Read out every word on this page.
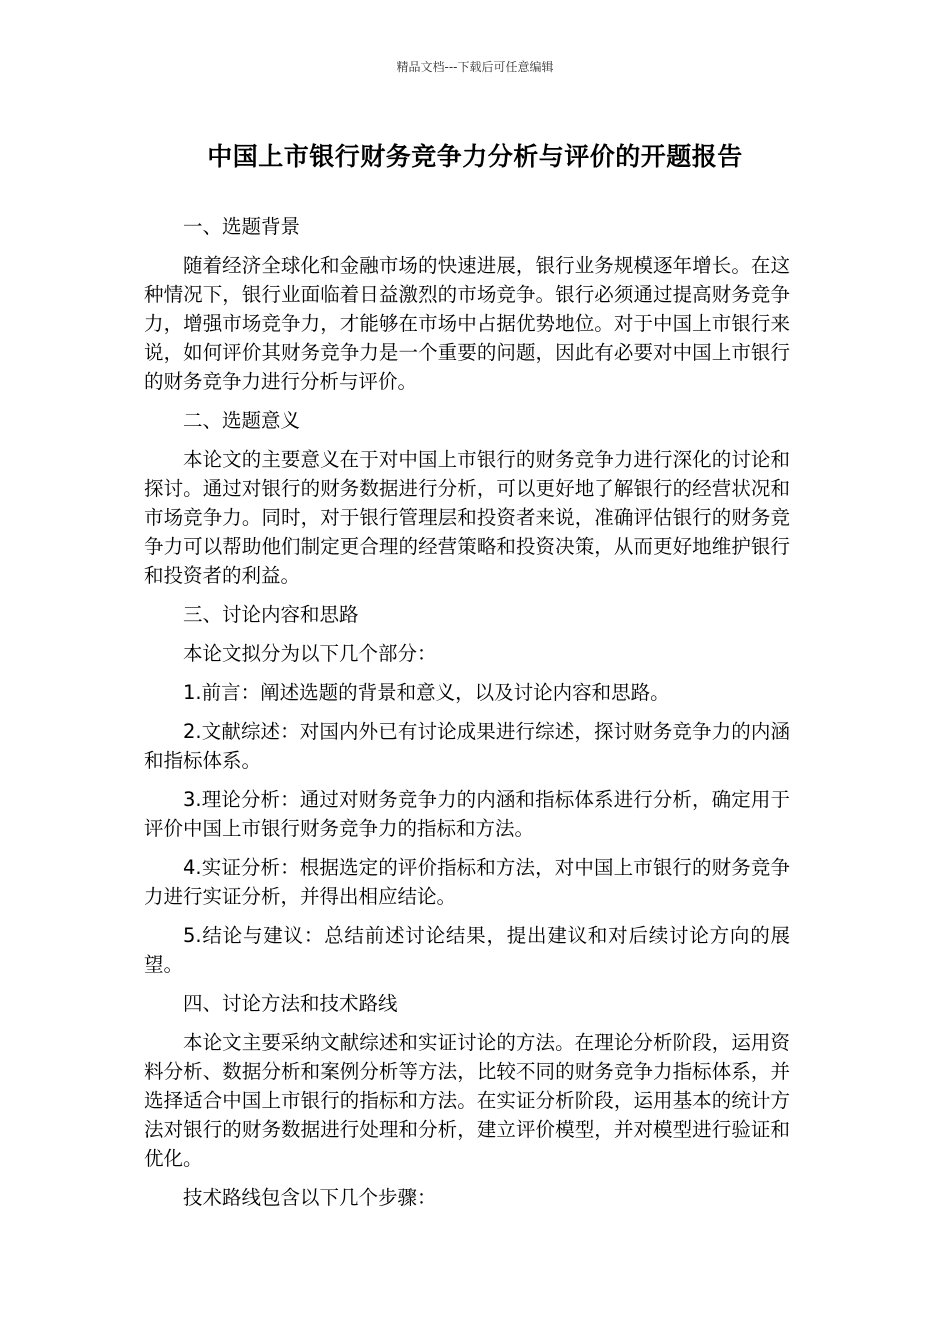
精品文档---下载后可任意编辑
中国上市银行财务竞争力分析与评价的开题报告

一、选题背景

随着经济全球化和金融市场的快速进展，银行业务规模逐年增长。在这种情况下，银行业面临着日益激烈的市场竞争。银行必须通过提高财务竞争力，增强市场竞争力，才能够在市场中占据优势地位。对于中国上市银行来说，如何评价其财务竞争力是一个重要的问题，因此有必要对中国上市银行的财务竞争力进行分析与评价。

二、选题意义

本论文的主要意义在于对中国上市银行的财务竞争力进行深化的讨论和探讨。通过对银行的财务数据进行分析，可以更好地了解银行的经营状况和市场竞争力。同时，对于银行管理层和投资者来说，准确评估银行的财务竞争力可以帮助他们制定更合理的经营策略和投资决策，从而更好地维护银行和投资者的利益。

三、讨论内容和思路

本论文拟分为以下几个部分：

1.前言：阐述选题的背景和意义，以及讨论内容和思路。

2.文献综述：对国内外已有讨论成果进行综述，探讨财务竞争力的内涵和指标体系。

3.理论分析：通过对财务竞争力的内涵和指标体系进行分析，确定用于评价中国上市银行财务竞争力的指标和方法。

4.实证分析：根据选定的评价指标和方法，对中国上市银行的财务竞争力进行实证分析，并得出相应结论。

5.结论与建议：总结前述讨论结果，提出建议和对后续讨论方向的展望。

四、讨论方法和技术路线

本论文主要采纳文献综述和实证讨论的方法。在理论分析阶段，运用资料分析、数据分析和案例分析等方法，比较不同的财务竞争力指标体系，并选择适合中国上市银行的指标和方法。在实证分析阶段，运用基本的统计方法对银行的财务数据进行处理和分析，建立评价模型，并对模型进行验证和优化。

技术路线包含以下几个步骤：
